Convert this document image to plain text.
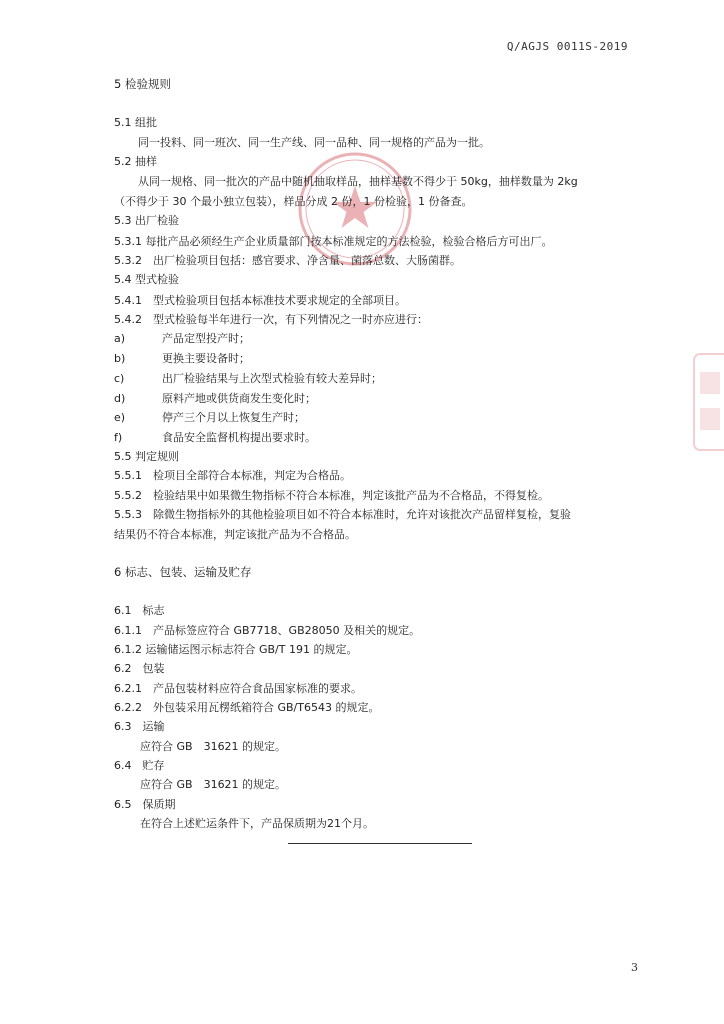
Q/AGJS 0011S-2019
5 检验规则
5.1 组批
同一投料、同一班次、同一生产线、同一品种、同一规格的产品为一批。
5.2 抽样
从同一规格、同一批次的产品中随机抽取样品，抽样基数不得少于 50kg，抽样数量为 2kg
（不得少于 30 个最小独立包装），样品分成 2 份，1 份检验，1 份备查。
5.3 出厂检验
5.3.1 每批产品必须经生产企业质量部门按本标准规定的方法检验，检验合格后方可出厂。
5.3.2　出厂检验项目包括：感官要求、净含量、菌落总数、大肠菌群。
5.4 型式检验
5.4.1　型式检验项目包括本标准技术要求规定的全部项目。
5.4.2　型式检验每半年进行一次，有下列情况之一时亦应进行：
a)	产品定型投产时；
b)	更换主要设备时；
c)	出厂检验结果与上次型式检验有较大差异时；
d)	原料产地或供货商发生变化时；
e)	停产三个月以上恢复生产时；
f)	食品安全监督机构提出要求时。
5.5 判定规则
5.5.1　检项目全部符合本标准，判定为合格品。
5.5.2　检验结果中如果微生物指标不符合本标准，判定该批产品为不合格品，不得复检。
5.5.3　除微生物指标外的其他检验项目如不符合本标准时，允许对该批次产品留样复检，复验
结果仍不符合本标准，判定该批产品为不合格品。
6 标志、包装、运输及贮存
6.1　标志
6.1.1　产品标签应符合 GB7718、GB28050 及相关的规定。
6.1.2 运输储运图示标志符合 GB/T 191 的规定。
6.2　包装
6.2.1　产品包装材料应符合食品国家标准的要求。
6.2.2　外包装采用瓦楞纸箱符合 GB/T6543 的规定。
6.3　运输
应符合 GB　31621 的规定。
6.4　贮存
应符合 GB　31621 的规定。
6.5　保质期
在符合上述贮运条件下，产品保质期为21个月。
3
